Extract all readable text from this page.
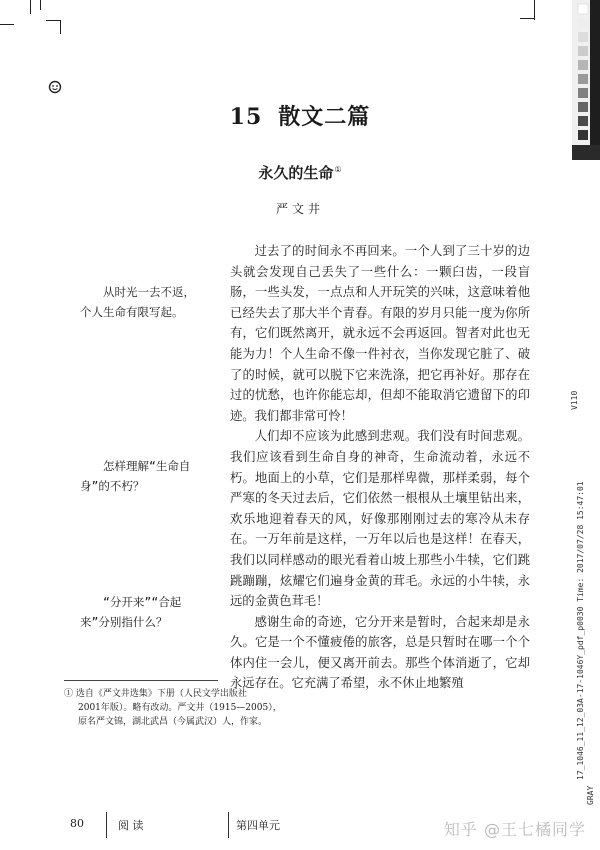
15 散文二篇
永久的生命①
严文井

过去了的时间永不再回来。一个人到了三十岁的边头就会发现自己丢失了一些什么：一颗臼齿，一段盲肠，一些头发，一点点和人开玩笑的兴味，这意味着他已经失去了那大半个青春。有限的岁月只能一度为你所有，它们既然离开，就永远不会再返回。智者对此也无能为力！个人生命不像一件衬衣，当你发现它脏了、破了的时候，就可以脱下它来洗涤，把它再补好。那存在过的忧愁，也许你能忘却，但却不能取消它遗留下的印迹。我们都非常可怜！

人们却不应该为此感到悲观。我们没有时间悲观。我们应该看到生命自身的神奇，生命流动着，永远不朽。地面上的小草，它们是那样卑微，那样柔弱，每个严寒的冬天过去后，它们依然一根根从土壤里钻出来，欢乐地迎着春天的风，好像那刚刚过去的寒冷从未存在。一万年前是这样，一万年以后也是这样！在春天，我们以同样感动的眼光看着山坡上那些小牛犊，它们跳跳蹦蹦，炫耀它们遍身金黄的茸毛。永远的小牛犊，永远的金黄色茸毛！

感谢生命的奇迹，它分开来是暂时，合起来却是永久。它是一个不懂疲倦的旅客，总是只暂时在哪一个个体内住一会儿，便又离开前去。那些个体消逝了，它却永远存在。它充满了希望，永不休止地繁殖

从时光一去不返，个人生命有限写起。
怎样理解“生命自身”的不朽？
“分开来”“合起来”分别指什么？
① 选自《严文井选集》下册（人民文学出版社
2001年版）。略有改动。严文井（1915—2005），
原名严文锦，湖北武昌（今属武汉）人，作家。
80	阅 读	第四单元	知乎 @王七橘同学
V110
17_1046_11_12_03A-17-1046Y_pdf_p0030 Time: 2017/07/28 15:47:01
GRAY
